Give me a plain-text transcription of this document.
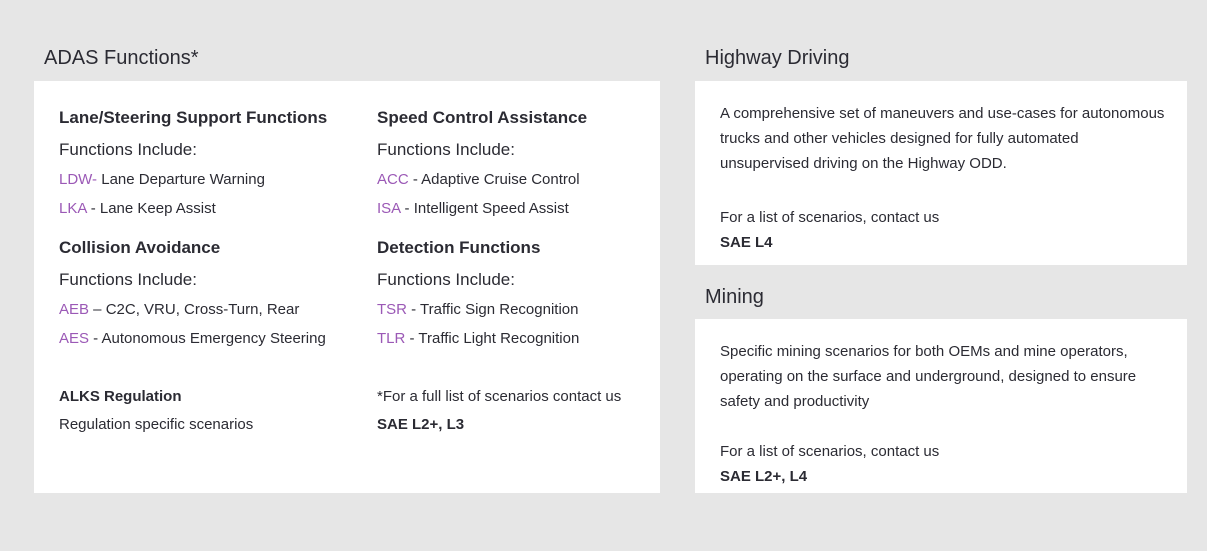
ADAS Functions*
Lane/Steering Support Functions
Functions Include:
LDW- Lane Departure Warning
LKA - Lane Keep Assist
Collision Avoidance
Functions Include:
AEB – C2C, VRU, Cross-Turn, Rear
AES - Autonomous Emergency Steering
ALKS Regulation
Regulation specific scenarios
Speed Control Assistance
Functions Include:
ACC - Adaptive Cruise Control
ISA - Intelligent Speed Assist
Detection Functions
Functions Include:
TSR - Traffic Sign Recognition
TLR - Traffic Light Recognition
*For a full list of scenarios contact us
SAE L2+, L3
Highway Driving
A comprehensive set of maneuvers and use-cases for autonomous trucks and other vehicles designed for fully automated unsupervised driving on the Highway ODD.
For a list of scenarios, contact us
SAE L4
Mining
Specific mining scenarios for both OEMs and mine operators, operating on the surface and underground, designed to ensure safety and productivity
For a list of scenarios, contact us
SAE L2+, L4
